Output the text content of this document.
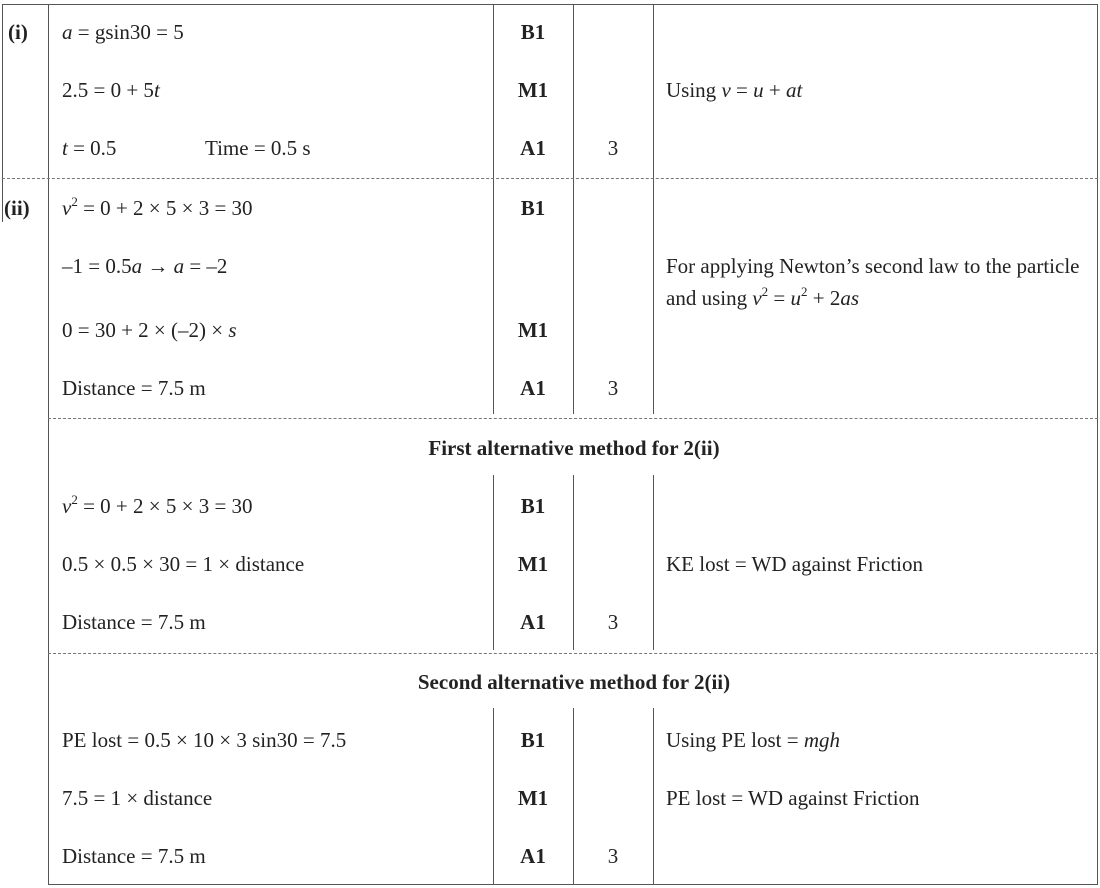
(i) a = gsin30 = 5	B1
2.5 = 0 + 5t	M1	Using v = u + at
t = 0.5	Time = 0.5 s	A1	3
(ii) $v^2 = 0 + 2 \times 5 \times 3 = 30$	B1
–1 = 0.5a → a = –2	For applying Newton’s second law to the particle and using $v^2 = u^2 + 2as$
0 = 30 + 2 × (–2) × s	M1
Distance = 7.5 m	A1	3
First alternative method for 2(ii)
$v^2 = 0 + 2 \times 5 \times 3 = 30$	B1
0.5 × 0.5 × 30 = 1 × distance	M1	KE lost = WD against Friction
Distance = 7.5 m	A1	3
Second alternative method for 2(ii)
PE lost = 0.5 × 10 × 3 sin30 = 7.5	B1	Using PE lost = mgh
7.5 = 1 × distance	M1	PE lost = WD against Friction
Distance = 7.5 m	A1	3
